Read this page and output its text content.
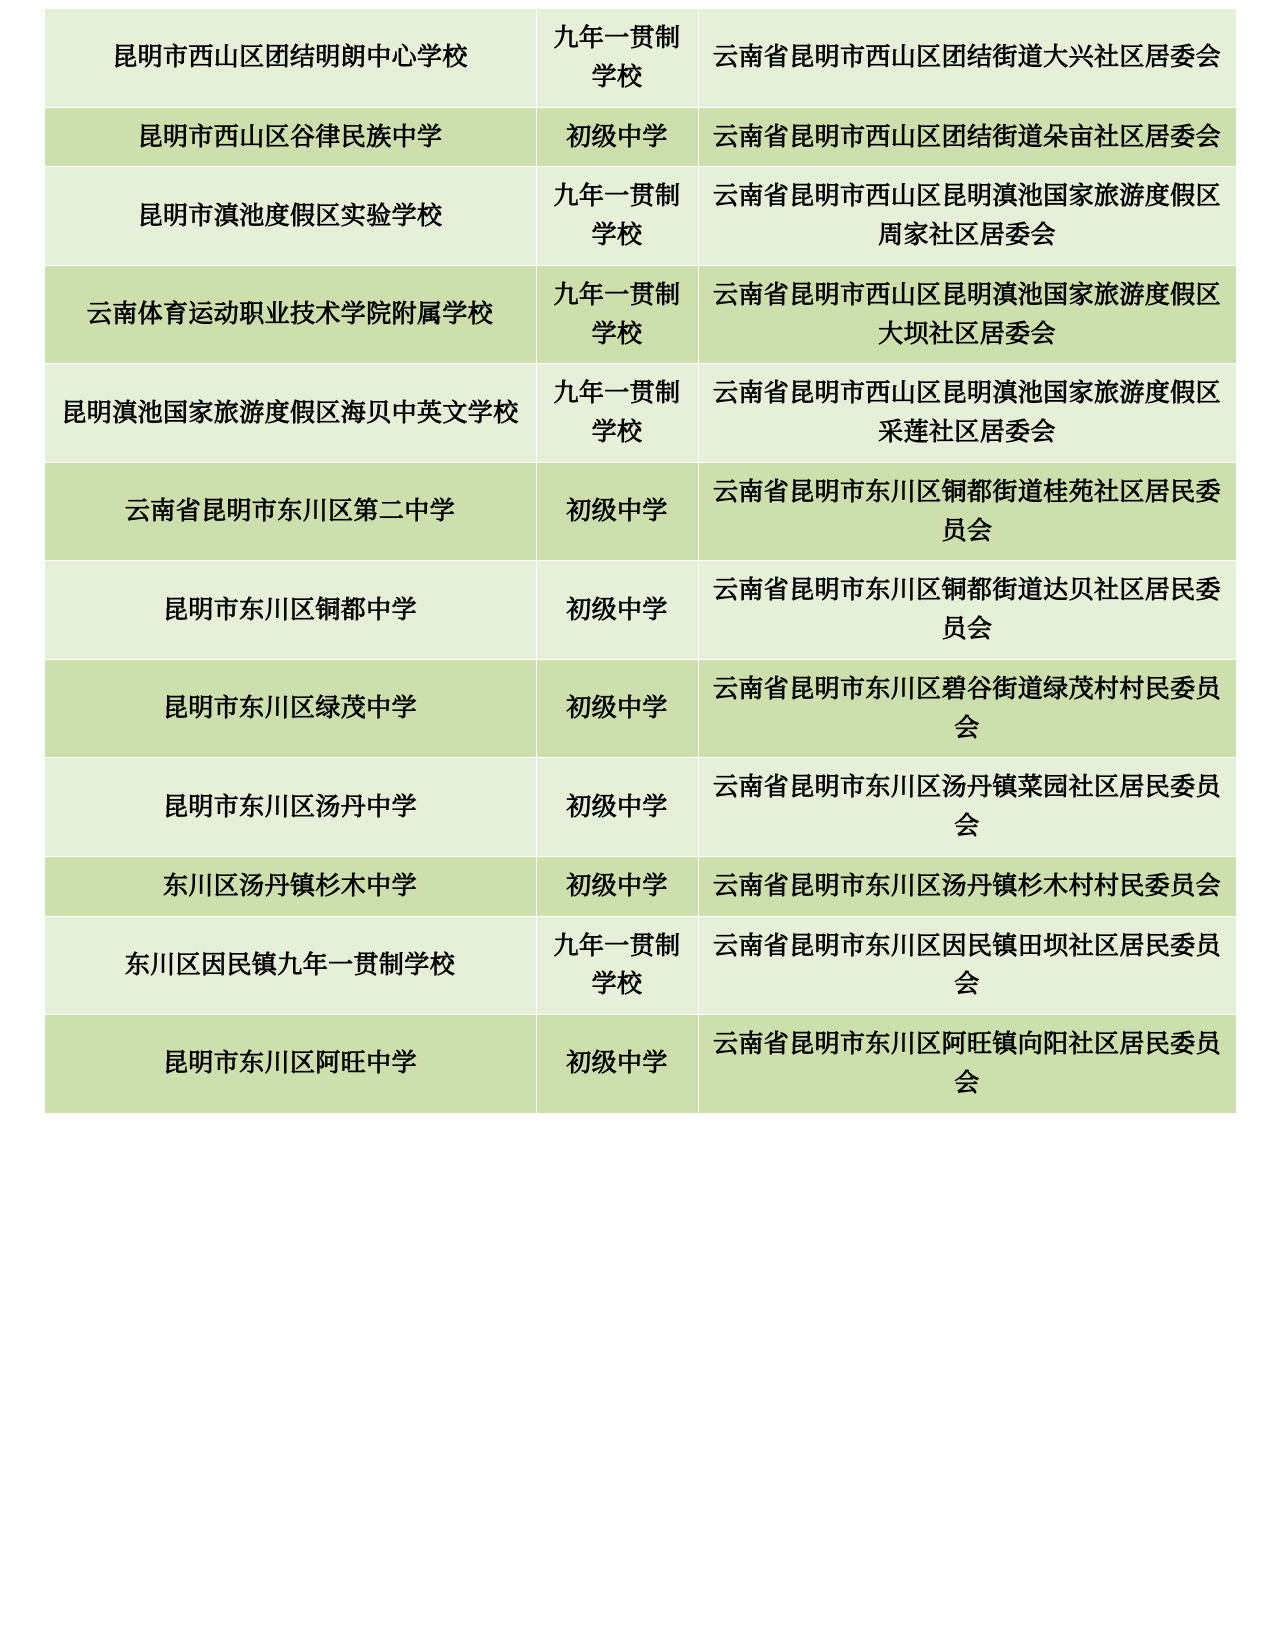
昆明市西山区团结明朗中心学校	九年一贯制学校	云南省昆明市西山区团结街道大兴社区居委会
昆明市西山区谷律民族中学	初级中学	云南省昆明市西山区团结街道朵亩社区居委会
昆明市滇池度假区实验学校	九年一贯制学校	云南省昆明市西山区昆明滇池国家旅游度假区周家社区居委会
云南体育运动职业技术学院附属学校	九年一贯制学校	云南省昆明市西山区昆明滇池国家旅游度假区大坝社区居委会
昆明滇池国家旅游度假区海贝中英文学校	九年一贯制学校	云南省昆明市西山区昆明滇池国家旅游度假区采莲社区居委会
云南省昆明市东川区第二中学	初级中学	云南省昆明市东川区铜都街道桂苑社区居民委员会
昆明市东川区铜都中学	初级中学	云南省昆明市东川区铜都街道达贝社区居民委员会
昆明市东川区绿茂中学	初级中学	云南省昆明市东川区碧谷街道绿茂村村民委员会
昆明市东川区汤丹中学	初级中学	云南省昆明市东川区汤丹镇菜园社区居民委员会
东川区汤丹镇杉木中学	初级中学	云南省昆明市东川区汤丹镇杉木村村民委员会
东川区因民镇九年一贯制学校	九年一贯制学校	云南省昆明市东川区因民镇田坝社区居民委员会
昆明市东川区阿旺中学	初级中学	云南省昆明市东川区阿旺镇向阳社区居民委员会
